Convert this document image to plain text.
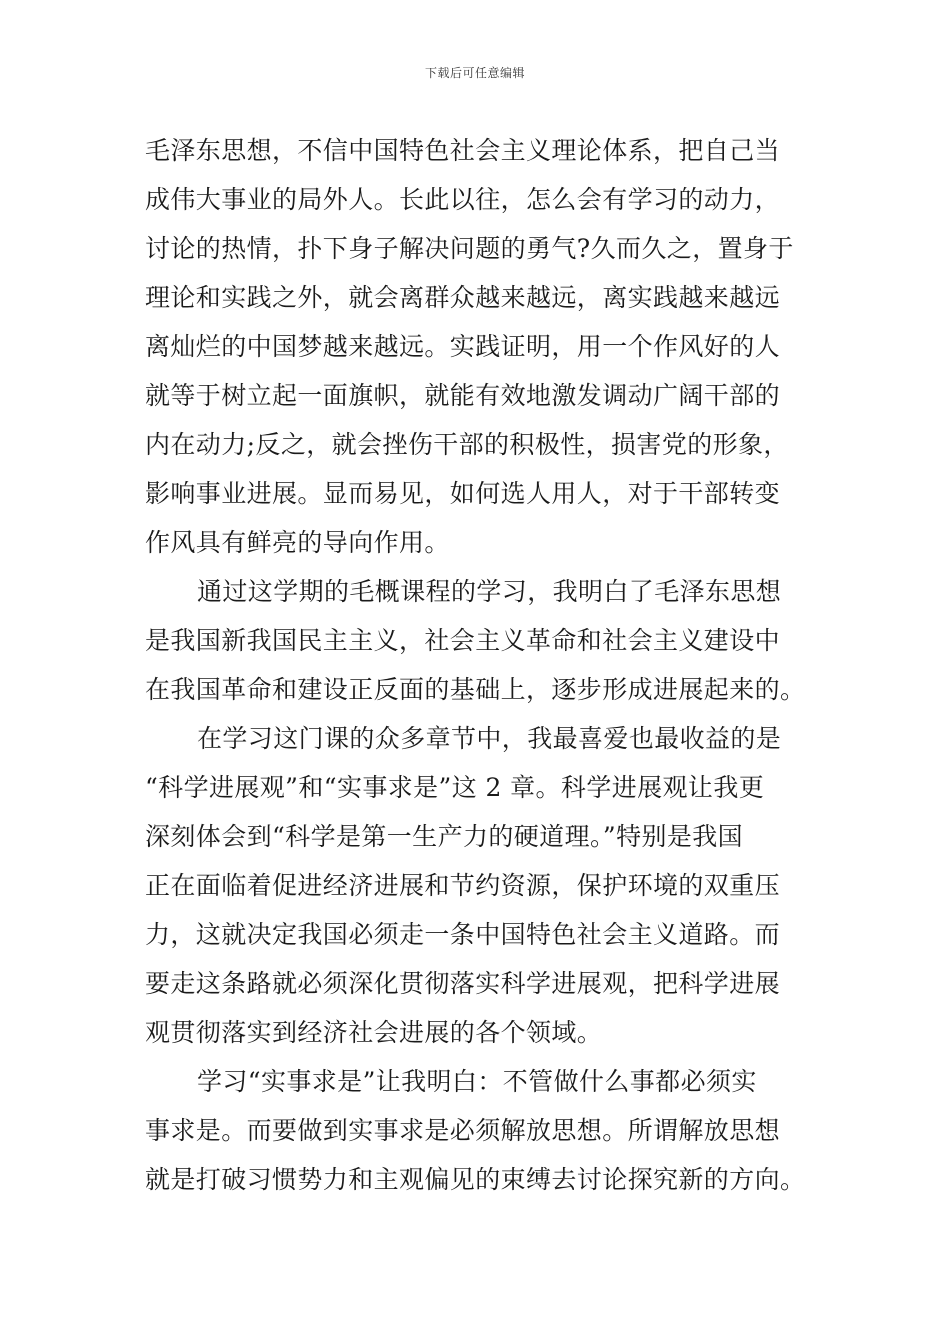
下载后可任意编辑
毛泽东思想，不信中国特色社会主义理论体系，把自己当
成伟大事业的局外人。长此以往，怎么会有学习的动力，
讨论的热情，扑下身子解决问题的勇气?久而久之，置身于
理论和实践之外，就会离群众越来越远，离实践越来越远
离灿烂的中国梦越来越远。实践证明，用一个作风好的人
就等于树立起一面旗帜，就能有效地激发调动广阔干部的
内在动力;反之，就会挫伤干部的积极性，损害党的形象，
影响事业进展。显而易见，如何选人用人，对于干部转变
作风具有鲜亮的导向作用。
通过这学期的毛概课程的学习，我明白了毛泽东思想
是我国新我国民主主义，社会主义革命和社会主义建设中
在我国革命和建设正反面的基础上，逐步形成进展起来的。
在学习这门课的众多章节中，我最喜爱也最收益的是
“科学进展观”和“实事求是”这 2 章。科学进展观让我更
深刻体会到“科学是第一生产力的硬道理。”特别是我国
正在面临着促进经济进展和节约资源，保护环境的双重压
力，这就决定我国必须走一条中国特色社会主义道路。而
要走这条路就必须深化贯彻落实科学进展观，把科学进展
观贯彻落实到经济社会进展的各个领域。
学习“实事求是”让我明白：不管做什么事都必须实
事求是。而要做到实事求是必须解放思想。所谓解放思想
就是打破习惯势力和主观偏见的束缚去讨论探究新的方向。
